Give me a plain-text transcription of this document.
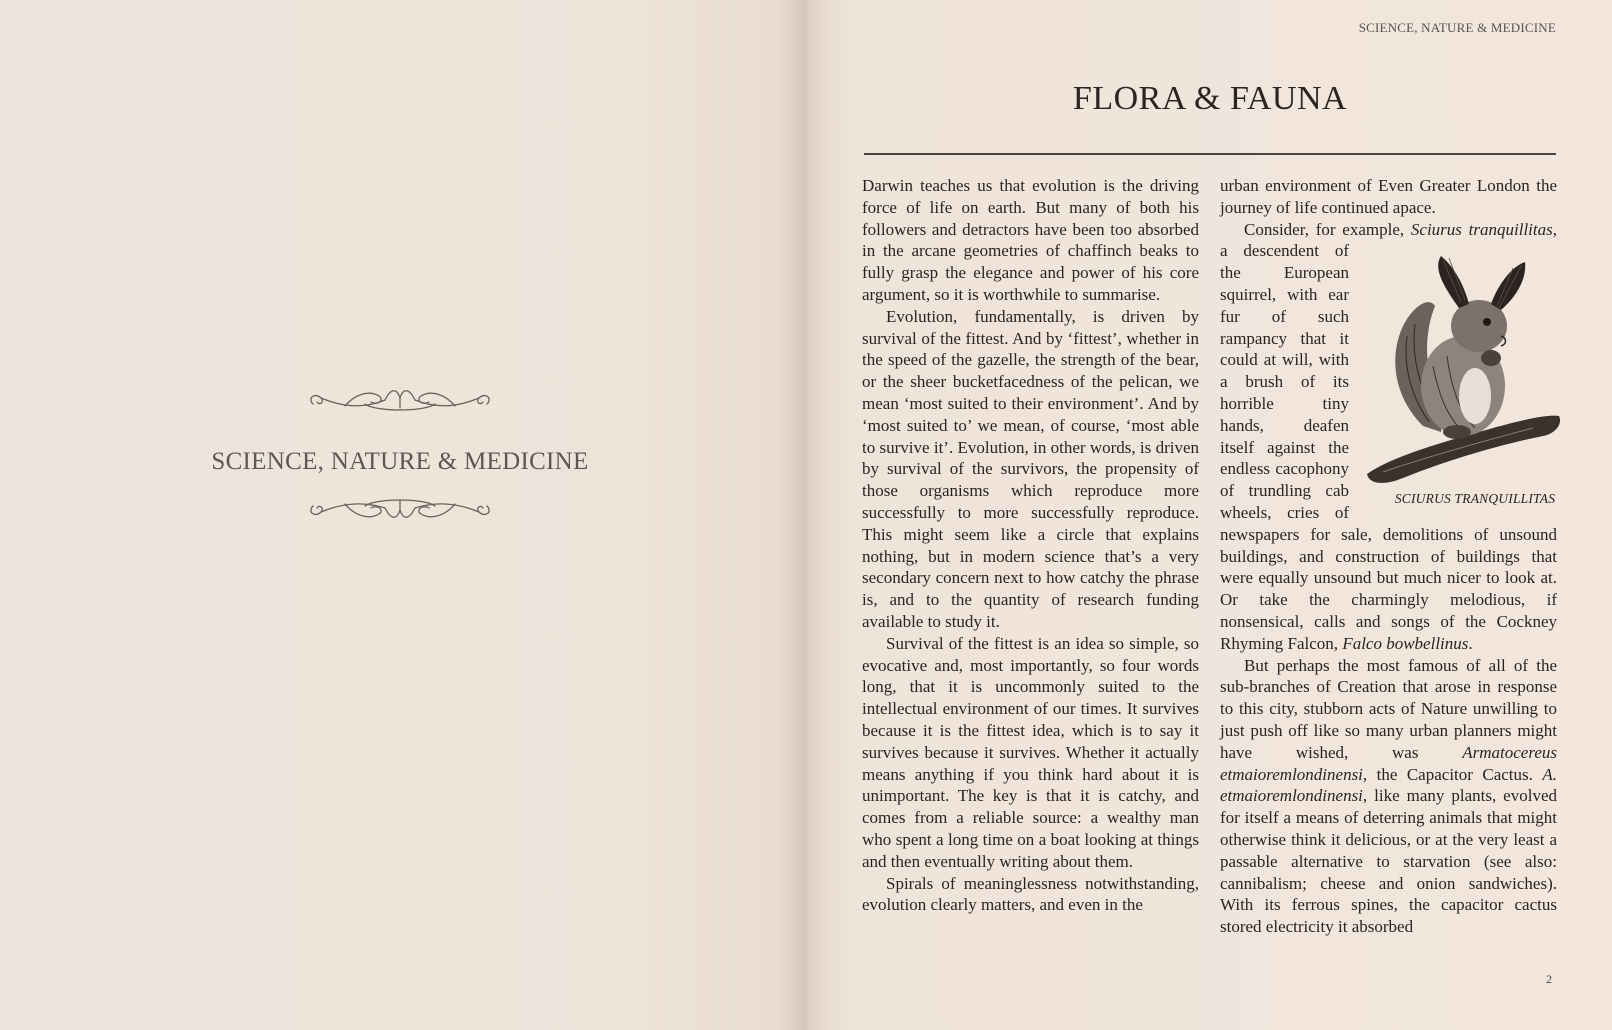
SCIENCE, NATURE & MEDICINE
SCIENCE, NATURE & MEDICINE
FLORA & FAUNA

Darwin teaches us that evolution is the driving force of life on earth. But many of both his followers and detractors have been too absorbed in the arcane geometries of chaffinch beaks to fully grasp the elegance and power of his core argument, so it is worthwhile to summarise.

Evolution, fundamentally, is driven by survival of the fittest. And by ‘fittest’, whether in the speed of the gazelle, the strength of the bear, or the sheer bucketfacedness of the pelican, we mean ‘most suited to their environment’. And by ‘most suited to’ we mean, of course, ‘most able to survive it’. Evolution, in other words, is driven by survival of the survivors, the propensity of those organisms which reproduce more successfully to more successfully reproduce. This might seem like a circle that explains nothing, but in modern science that’s a very secondary concern next to how catchy the phrase is, and to the quantity of research funding available to study it.

Survival of the fittest is an idea so simple, so evocative and, most importantly, so four words long, that it is uncommonly suited to the intellectual environment of our times. It survives because it is the fittest idea, which is to say it survives because it survives. Whether it actually means anything if you think hard about it is unimportant. The key is that it is catchy, and comes from a reliable source: a wealthy man who spent a long time on a boat looking at things and then eventually writing about them.

Spirals of meaninglessness notwithstanding, evolution clearly matters, and even in the

urban environment of Even Greater London the journey of life continued apace.

Consider, for example, Sciurus tranquillitas
SCIURUS TRANQUILLITAS
, a descendent of the European squirrel, with ear fur of such rampancy that it could at will, with a brush of its horrible tiny hands, deafen itself against the endless cacophony of trundling cab wheels, cries of newspapers for sale, demolitions of unsound buildings, and construction of buildings that were equally unsound but much nicer to look at. Or take the charmingly melodious, if nonsensical, calls and songs of the Cockney Rhyming Falcon, Falco bowbellinus.

But perhaps the most famous of all of the sub-branches of Creation that arose in response to this city, stubborn acts of Nature unwilling to just push off like so many urban planners might have wished, was Armatocereus etmaioremlondinensi, the Capacitor Cactus. A. etmaioremlondinensi, like many plants, evolved for itself a means of deterring animals that might otherwise think it delicious, or at the very least a passable alternative to starvation (see also: cannibalism; cheese and onion sandwiches). With its ferrous spines, the capacitor cactus stored electricity it absorbed

2
